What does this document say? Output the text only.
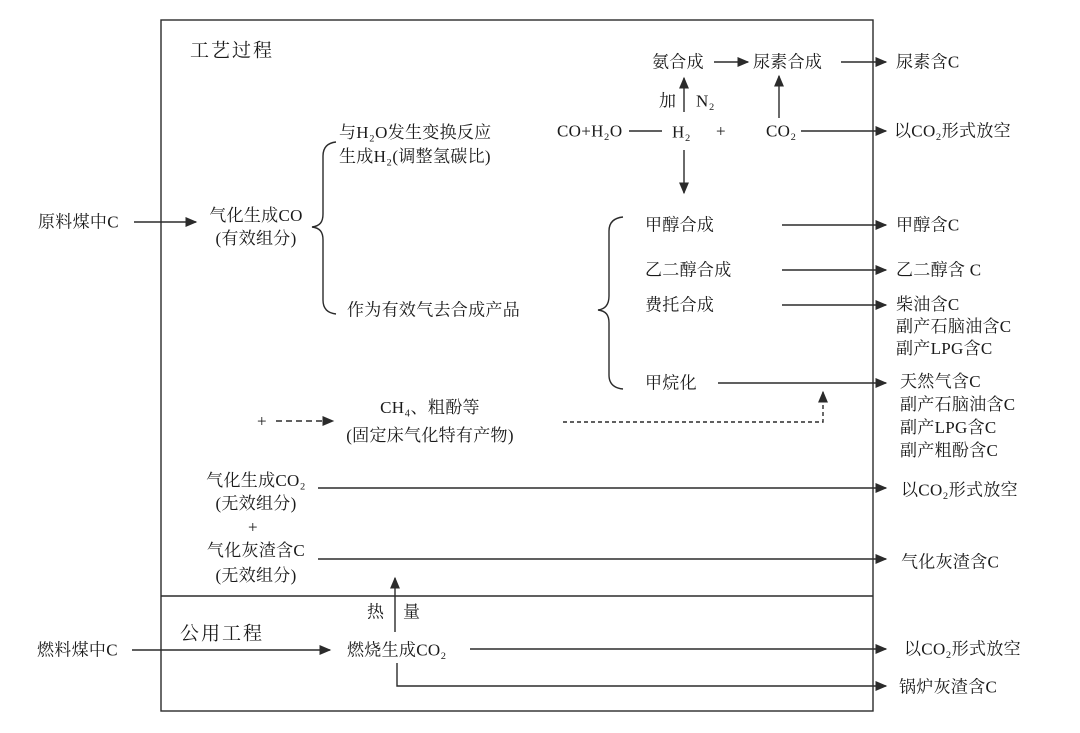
工艺过程
公用工程
原料煤中C
燃料煤中C
气化生成CO
(有效组分)
与H₂O发生变换反应
生成H₂(调整氢碳比)
作为有效气去合成产品
氨合成	尿素合成	尿素含C
加 N₂
CO+H₂O	H₂ + CO₂	以CO₂形式放空
甲醇合成	甲醇含C
乙二醇合成	乙二醇含 C
费托合成	柴油含C
副产石脑油含C
副产LPG含C
甲烷化	天然气含C
副产石脑油含C
副产LPG含C
副产粗酚含C
+
CH₄、粗酚等
(固定床气化特有产物)
气化生成CO₂
(无效组分)
+
气化灰渣含C
(无效组分)
以CO₂形式放空
气化灰渣含C
热 量
燃烧生成CO₂	以CO₂形式放空
锅炉灰渣含C
